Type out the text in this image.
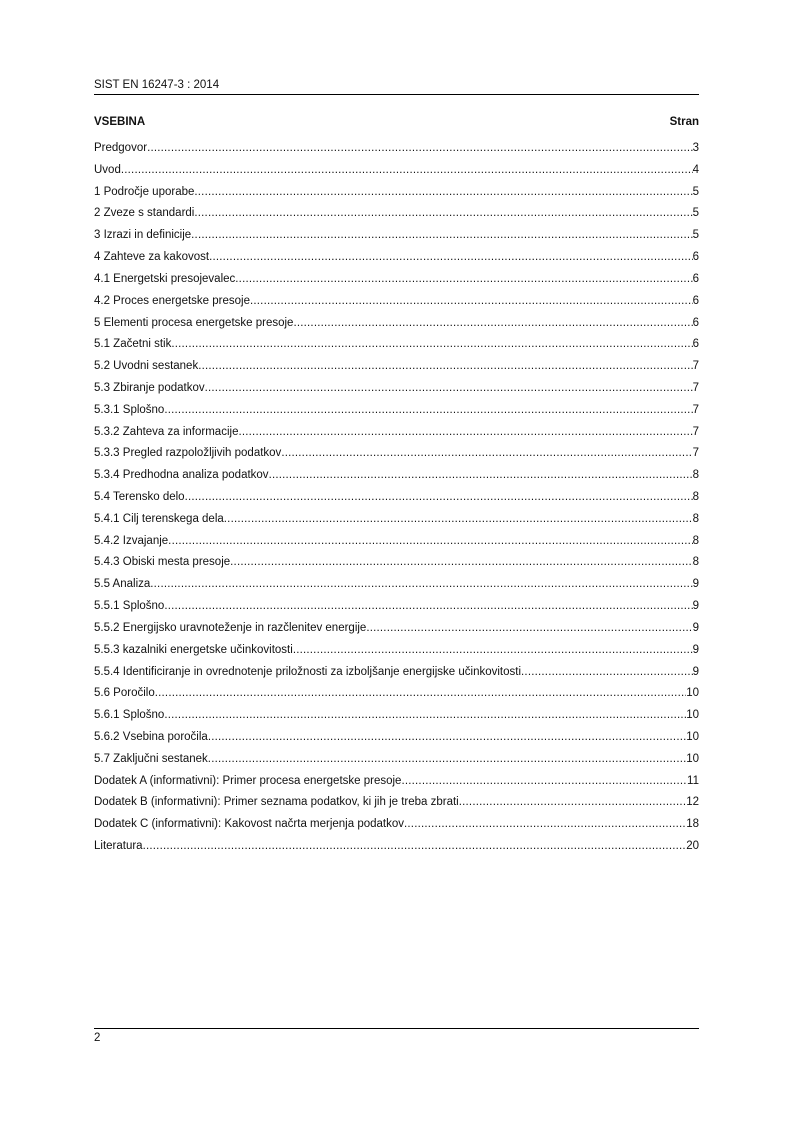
SIST EN 16247-3 : 2014
VSEBINA	Stran
Predgovor .....	3
Uvod .....	4
1 Področje uporabe .....	5
2 Zveze s standardi .....	5
3 Izrazi in definicije .....	5
4 Zahteve za kakovost .....	6
4.1 Energetski presojevalec .....	6
4.2 Proces energetske presoje .....	6
5 Elementi procesa energetske presoje .....	6
5.1 Začetni stik .....	6
5.2 Uvodni sestanek .....	7
5.3 Zbiranje podatkov .....	7
5.3.1 Splošno .....	7
5.3.2 Zahteva za informacije .....	7
5.3.3 Pregled razpoložljivih podatkov .....	7
5.3.4 Predhodna analiza podatkov .....	8
5.4 Terensko delo .....	8
5.4.1 Cilj terenskega dela .....	8
5.4.2 Izvajanje .....	8
5.4.3 Obiski mesta presoje .....	8
5.5 Analiza .....	9
5.5.1 Splošno .....	9
5.5.2 Energijsko uravnoteženje in razčlenitev energije .....	9
5.5.3 kazalniki energetske učinkovitosti .....	9
5.5.4 Identificiranje in ovrednotenje priložnosti za izboljšanje energijske učinkovitosti .....	9
5.6 Poročilo .....	10
5.6.1 Splošno .....	10
5.6.2 Vsebina poročila .....	10
5.7 Zaključni sestanek .....	10
Dodatek A (informativni): Primer procesa energetske presoje .....	11
Dodatek B (informativni): Primer seznama podatkov, ki jih je treba zbrati .....	12
Dodatek C (informativni): Kakovost načrta merjenja podatkov .....	18
Literatura .....	20
2
